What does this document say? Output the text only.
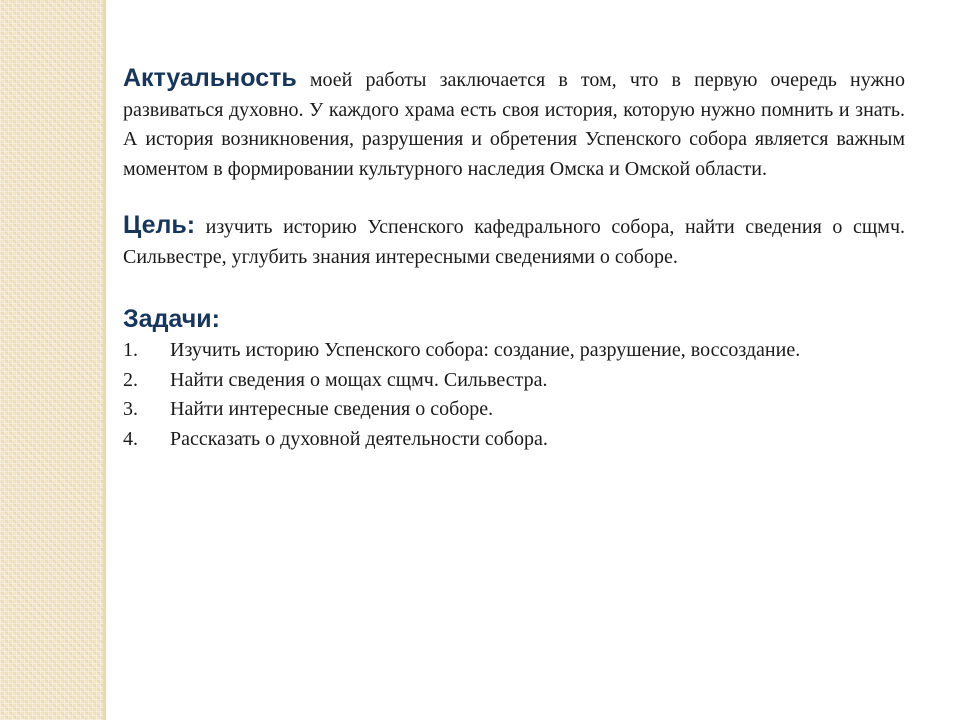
Актуальность моей работы заключается в том, что в первую очередь нужно развиваться духовно. У каждого храма есть своя история, которую нужно помнить и знать. А история возникновения, разрушения и обретения Успенского собора является важным моментом в формировании культурного наследия Омска и Омской области.

Цель: изучить историю Успенского кафедрального собора, найти сведения о сщмч. Сильвестре, углубить знания интересными сведениями о соборе.

Задачи:
1.	Изучить историю Успенского собора: создание, разрушение, воссоздание.
2.	Найти сведения о мощах сщмч. Сильвестра.
3.	Найти интересные сведения о соборе.
4.	Рассказать о духовной деятельности собора.
